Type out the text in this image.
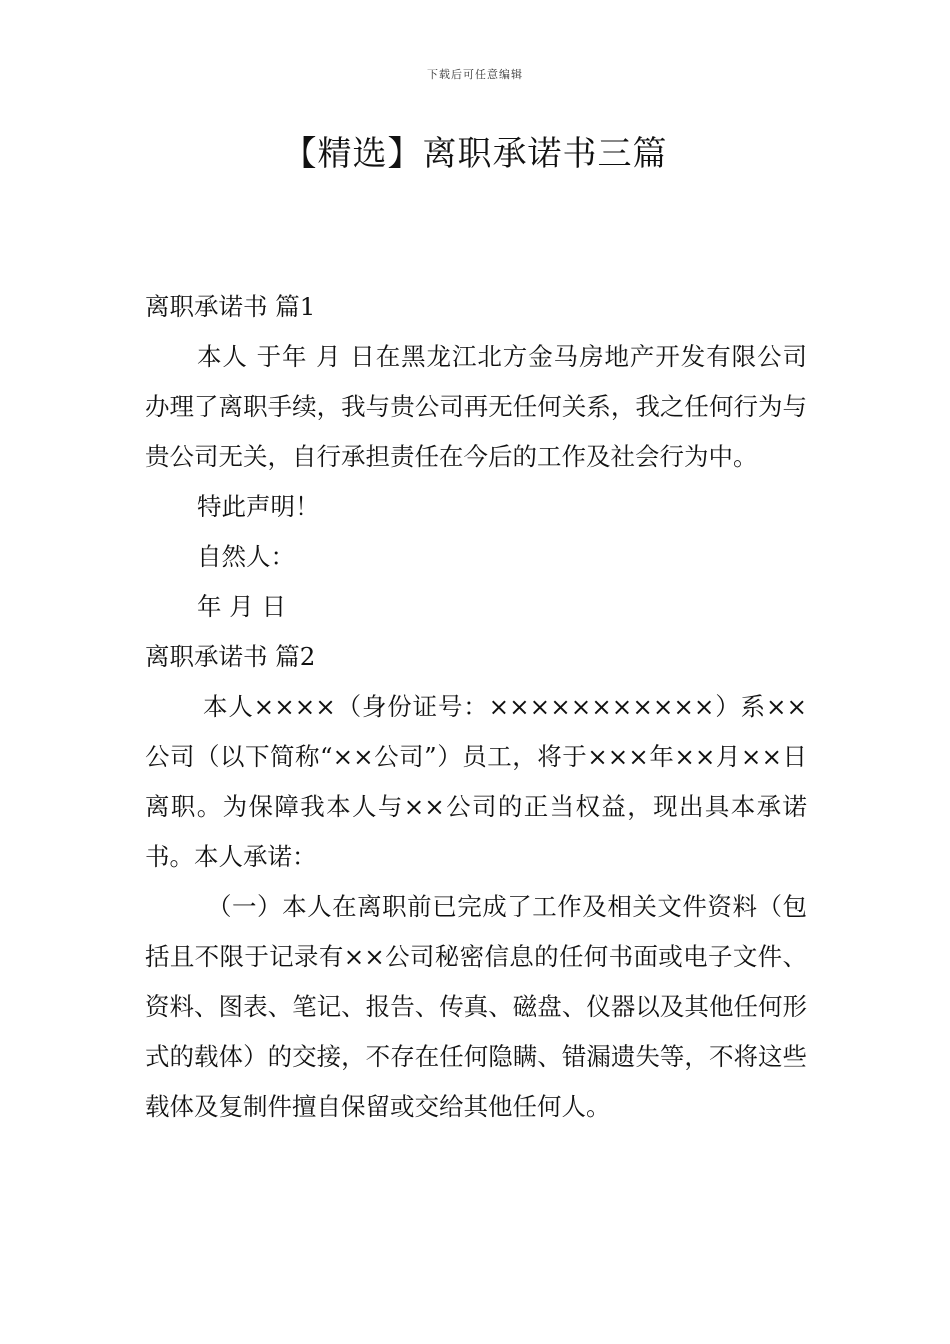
下载后可任意编辑
【精选】离职承诺书三篇

离职承诺书 篇1

本人 于年 月 日在黑龙江北方金马房地产开发有限公司办理了离职手续，我与贵公司再无任何关系，我之任何行为与贵公司无关，自行承担责任在今后的工作及社会行为中。

特此声明！

自然人：

年 月 日

离职承诺书 篇2

本人××××（身份证号：×××××××××××）系××公司（以下简称“××公司”）员工，将于×××年××月××日离职。为保障我本人与××公司的正当权益，现出具本承诺书。本人承诺：

（一）本人在离职前已完成了工作及相关文件资料（包括且不限于记录有××公司秘密信息的任何书面或电子文件、资料、图表、笔记、报告、传真、磁盘、仪器以及其他任何形式的载体）的交接，不存在任何隐瞒、错漏遗失等，不将这些载体及复制件擅自保留或交给其他任何人。
